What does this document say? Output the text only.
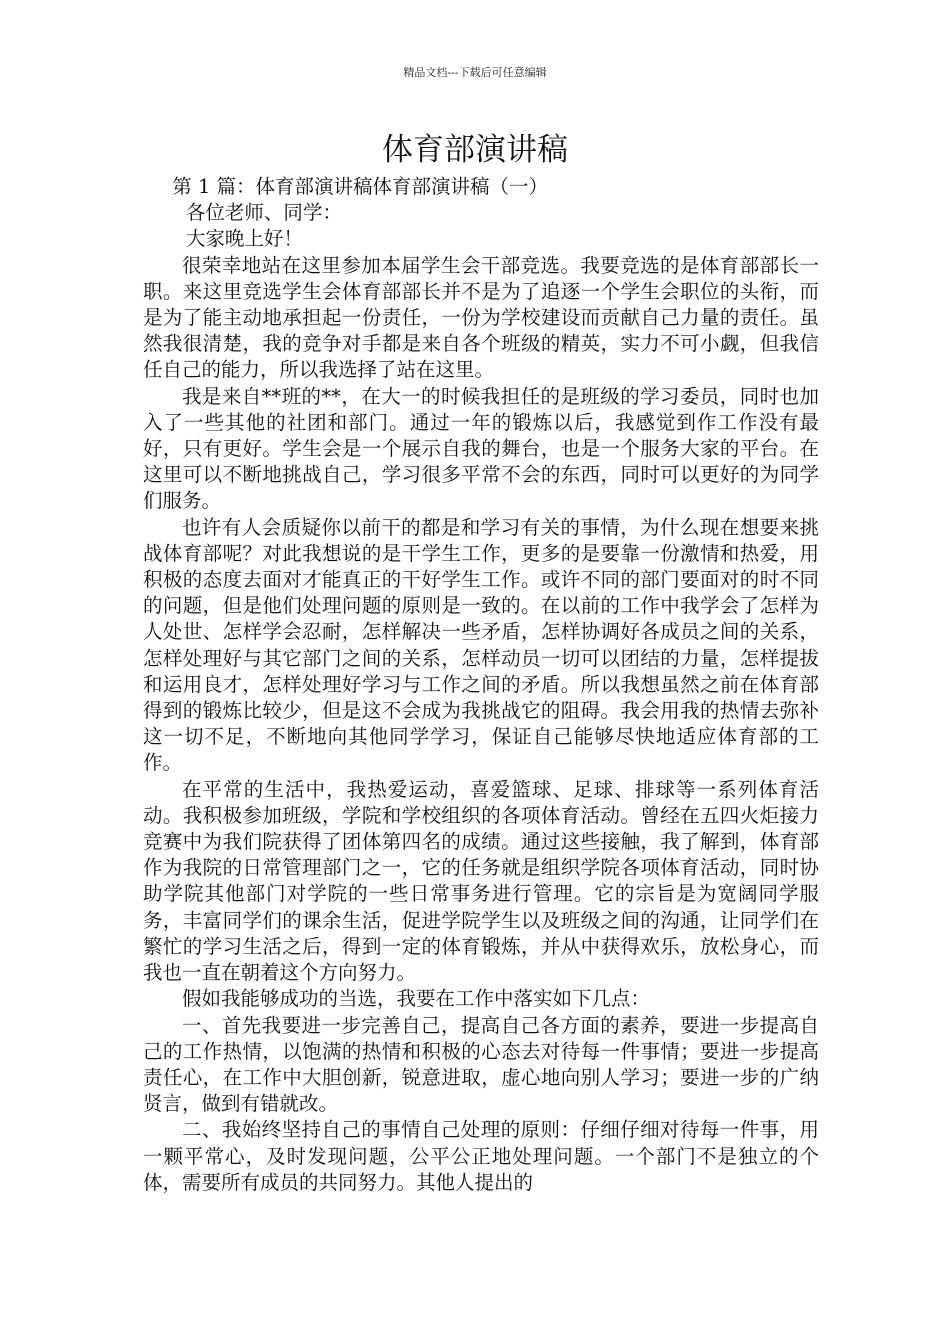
精品文档---下载后可任意编辑
体育部演讲稿

第 1 篇：体育部演讲稿体育部演讲稿（一）

各位老师、同学：

大家晚上好！

很荣幸地站在这里参加本届学生会干部竞选。我要竞选的是体育部部长一职。来这里竞选学生会体育部部长并不是为了追逐一个学生会职位的头衔，而是为了能主动地承担起一份责任，一份为学校建设而贡献自己力量的责任。虽然我很清楚，我的竞争对手都是来自各个班级的精英，实力不可小觑，但我信任自己的能力，所以我选择了站在这里。

我是来自**班的**，在大一的时候我担任的是班级的学习委员，同时也加入了一些其他的社团和部门。通过一年的锻炼以后，我感觉到作工作没有最好，只有更好。学生会是一个展示自我的舞台，也是一个服务大家的平台。在这里可以不断地挑战自己，学习很多平常不会的东西，同时可以更好的为同学们服务。

也许有人会质疑你以前干的都是和学习有关的事情，为什么现在想要来挑战体育部呢？对此我想说的是干学生工作，更多的是要靠一份激情和热爱，用积极的态度去面对才能真正的干好学生工作。或许不同的部门要面对的时不同的问题，但是他们处理问题的原则是一致的。在以前的工作中我学会了怎样为人处世、怎样学会忍耐，怎样解决一些矛盾，怎样协调好各成员之间的关系，怎样处理好与其它部门之间的关系，怎样动员一切可以团结的力量，怎样提拔和运用良才，怎样处理好学习与工作之间的矛盾。所以我想虽然之前在体育部得到的锻炼比较少，但是这不会成为我挑战它的阻碍。我会用我的热情去弥补这一切不足，不断地向其他同学学习，保证自己能够尽快地适应体育部的工作。

在平常的生活中，我热爱运动，喜爱篮球、足球、排球等一系列体育活动。我积极参加班级，学院和学校组织的各项体育活动。曾经在五四火炬接力竞赛中为我们院获得了团体第四名的成绩。通过这些接触，我了解到，体育部作为我院的日常管理部门之一，它的任务就是组织学院各项体育活动，同时协助学院其他部门对学院的一些日常事务进行管理。它的宗旨是为宽阔同学服务，丰富同学们的课余生活，促进学院学生以及班级之间的沟通，让同学们在繁忙的学习生活之后，得到一定的体育锻炼，并从中获得欢乐，放松身心，而我也一直在朝着这个方向努力。

假如我能够成功的当选，我要在工作中落实如下几点：

一、首先我要进一步完善自己，提高自己各方面的素养，要进一步提高自己的工作热情，以饱满的热情和积极的心态去对待每一件事情；要进一步提高责任心，在工作中大胆创新，锐意进取，虚心地向别人学习；要进一步的广纳贤言，做到有错就改。

二、我始终坚持自己的事情自己处理的原则：仔细仔细对待每一件事，用一颗平常心，及时发现问题，公平公正地处理问题。一个部门不是独立的个体，需要所有成员的共同努力。其他人提出的
